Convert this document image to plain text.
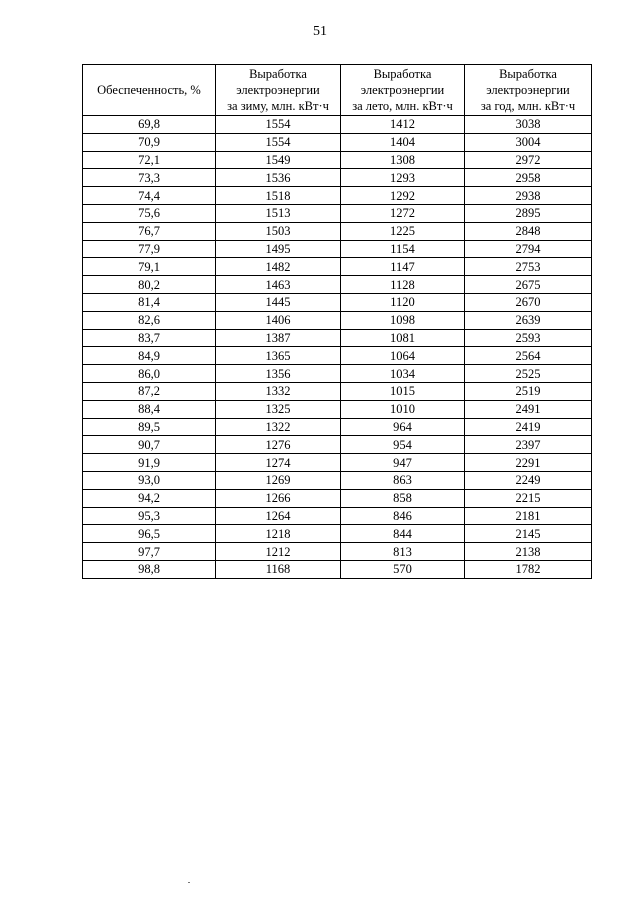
51
Обеспеченность, %	Выработка
электроэнергии
за зиму, млн. кВт·ч	Выработка
электроэнергии
за лето, млн. кВт·ч	Выработка
электроэнергии
за год, млн. кВт·ч

69,8	1554	1412	3038
70,9	1554	1404	3004
72,1	1549	1308	2972
73,3	1536	1293	2958
74,4	1518	1292	2938
75,6	1513	1272	2895
76,7	1503	1225	2848
77,9	1495	1154	2794
79,1	1482	1147	2753
80,2	1463	1128	2675
81,4	1445	1120	2670
82,6	1406	1098	2639
83,7	1387	1081	2593
84,9	1365	1064	2564
86,0	1356	1034	2525
87,2	1332	1015	2519
88,4	1325	1010	2491
89,5	1322	964	2419
90,7	1276	954	2397
91,9	1274	947	2291
93,0	1269	863	2249
94,2	1266	858	2215
95,3	1264	846	2181
96,5	1218	844	2145
97,7	1212	813	2138
98,8	1168	570	1782
